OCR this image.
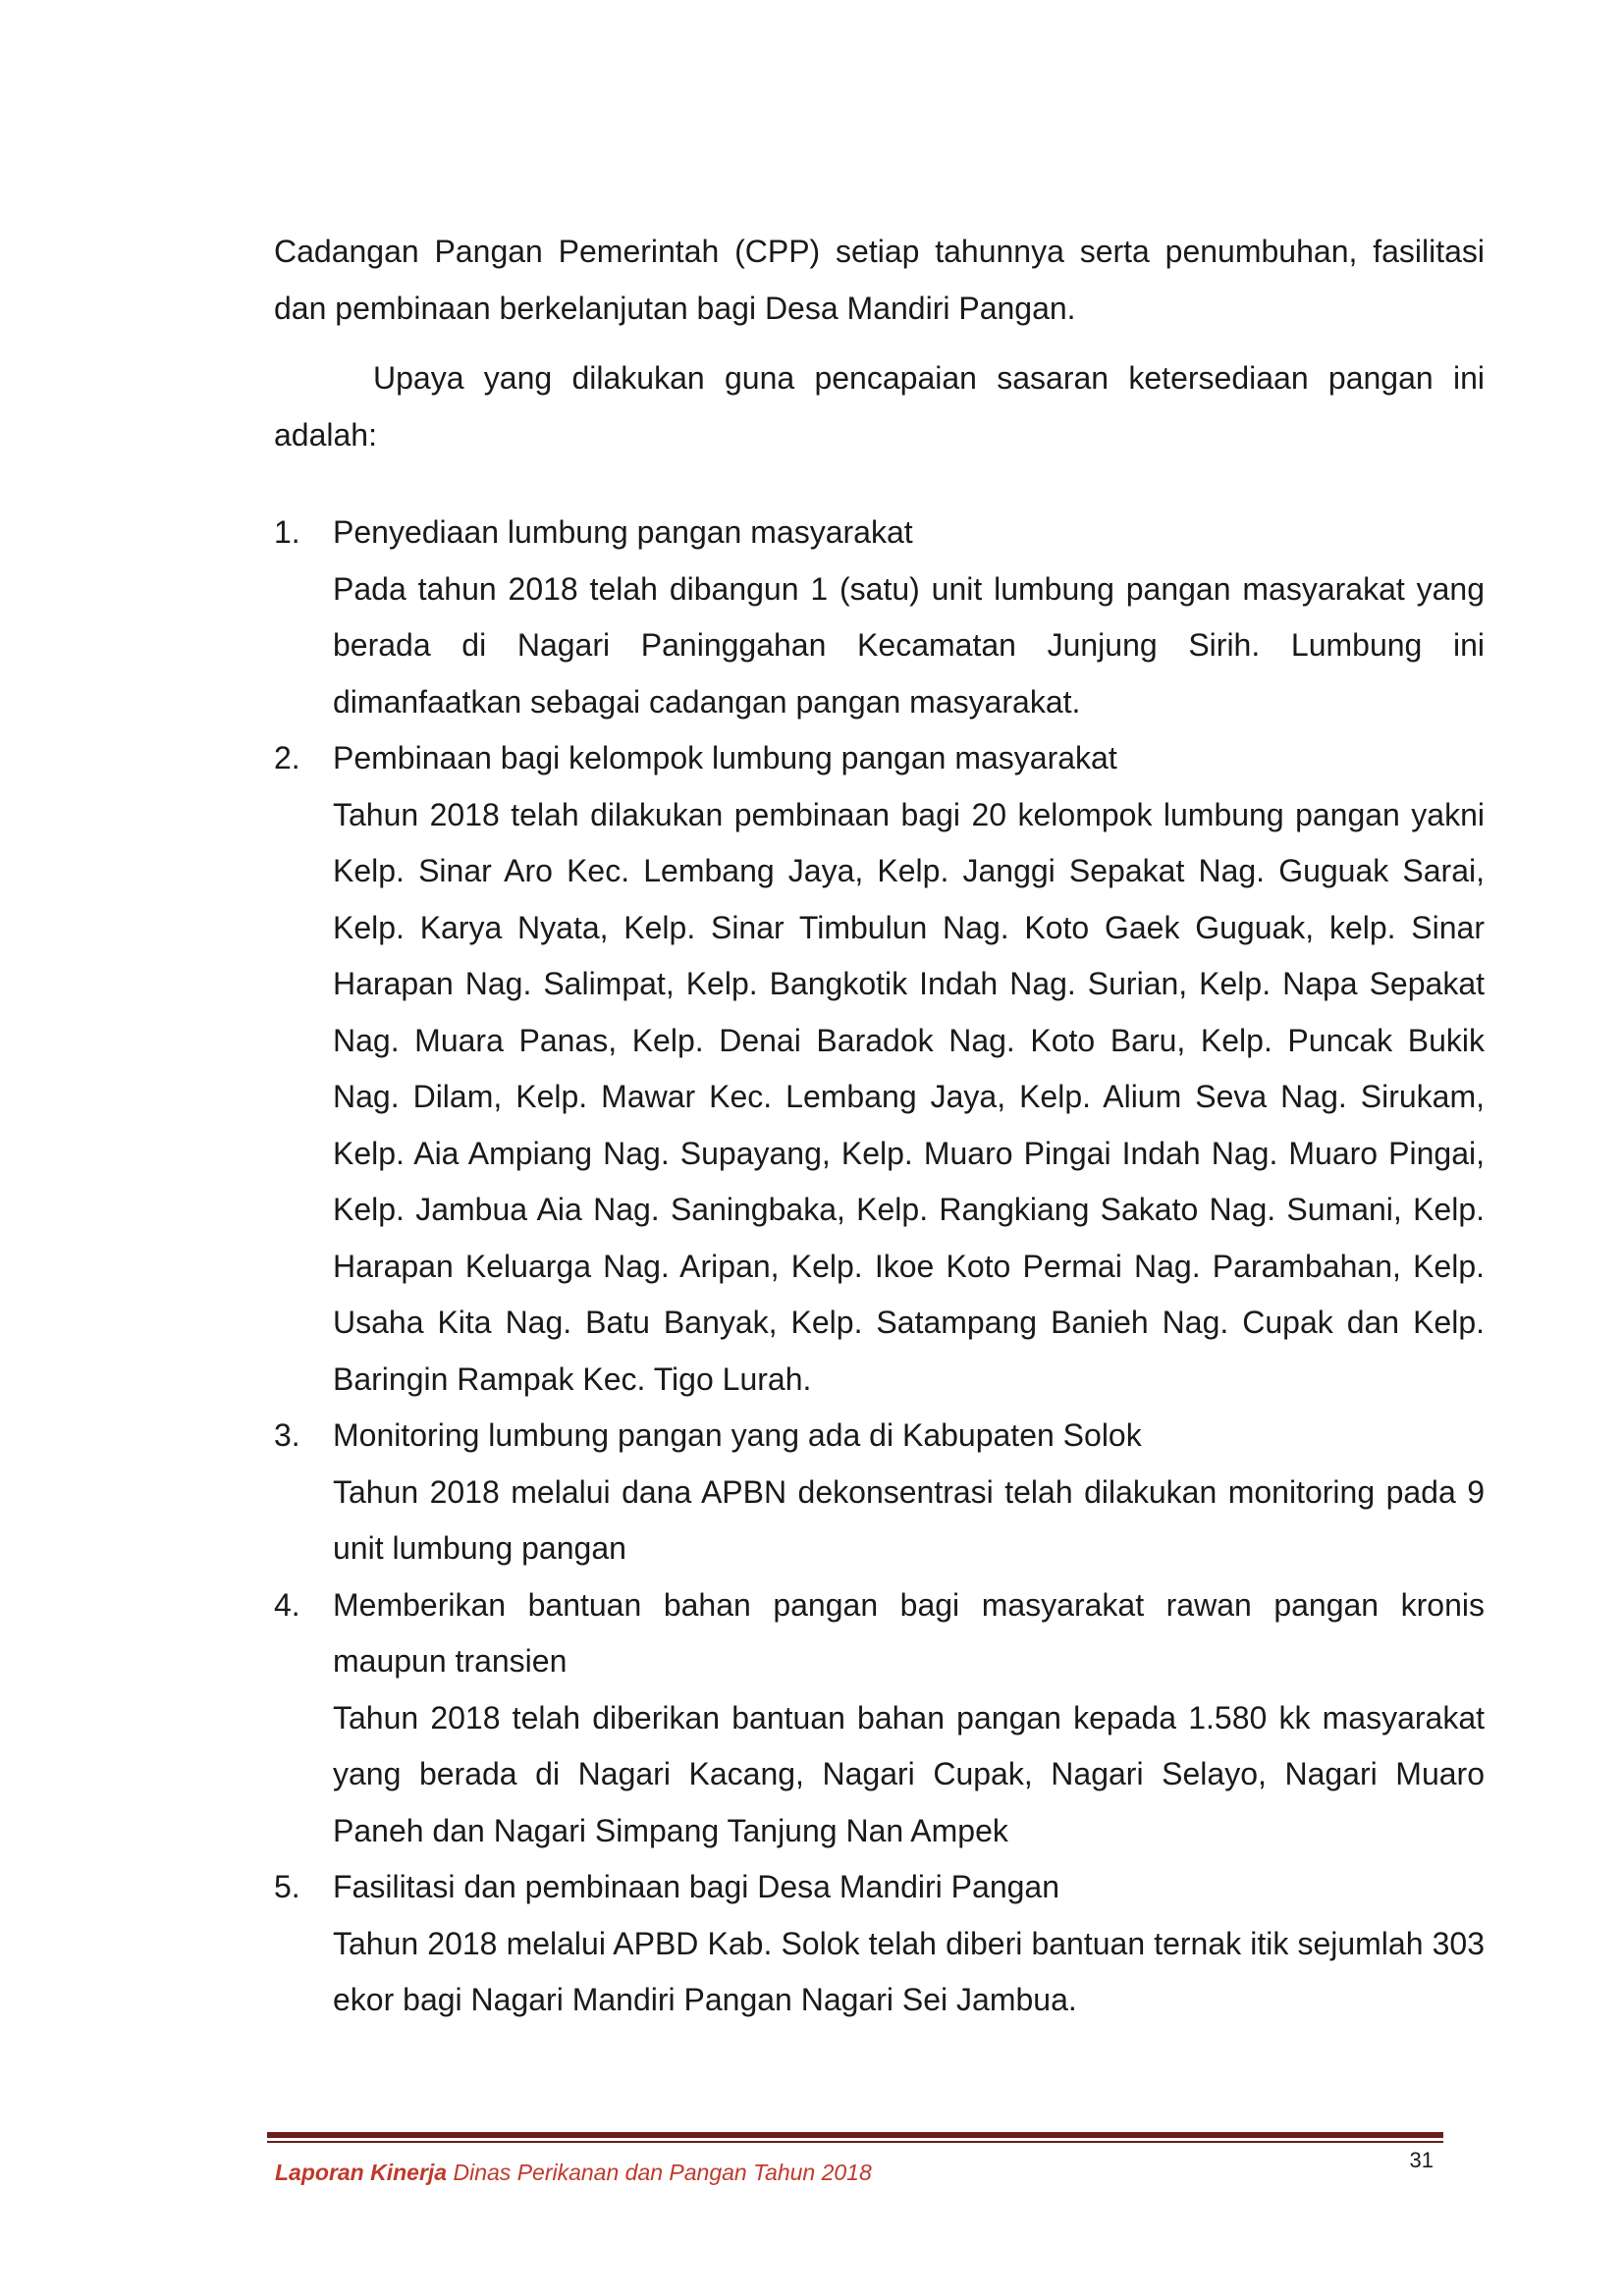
Cadangan Pangan Pemerintah (CPP) setiap tahunnya serta penumbuhan, fasilitasi dan pembinaan berkelanjutan bagi Desa Mandiri Pangan.

Upaya yang dilakukan guna pencapaian sasaran ketersediaan pangan ini adalah:

1. Penyediaan lumbung pangan masyarakat
Pada tahun 2018 telah dibangun 1 (satu) unit lumbung pangan masyarakat yang berada di Nagari Paninggahan Kecamatan Junjung Sirih. Lumbung ini dimanfaatkan sebagai cadangan pangan masyarakat.
2. Pembinaan bagi kelompok lumbung pangan masyarakat
Tahun 2018 telah dilakukan pembinaan bagi 20 kelompok lumbung pangan yakni Kelp. Sinar Aro Kec. Lembang Jaya, Kelp. Janggi Sepakat Nag. Guguak Sarai, Kelp. Karya Nyata, Kelp. Sinar Timbulun Nag. Koto Gaek Guguak, kelp. Sinar Harapan Nag. Salimpat, Kelp. Bangkotik Indah Nag. Surian, Kelp. Napa Sepakat Nag. Muara Panas, Kelp. Denai Baradok Nag. Koto Baru, Kelp. Puncak Bukik Nag. Dilam, Kelp. Mawar Kec. Lembang Jaya, Kelp. Alium Seva Nag. Sirukam, Kelp. Aia Ampiang Nag. Supayang, Kelp. Muaro Pingai Indah Nag. Muaro Pingai, Kelp. Jambua Aia Nag. Saningbaka, Kelp. Rangkiang Sakato Nag. Sumani, Kelp. Harapan Keluarga Nag. Aripan, Kelp. Ikoe Koto Permai Nag. Parambahan, Kelp. Usaha Kita Nag. Batu Banyak, Kelp. Satampang Banieh Nag. Cupak dan Kelp. Baringin Rampak Kec. Tigo Lurah.
3. Monitoring lumbung pangan yang ada di Kabupaten Solok
Tahun 2018 melalui dana APBN dekonsentrasi telah dilakukan monitoring pada 9 unit lumbung pangan
4. Memberikan bantuan bahan pangan bagi masyarakat rawan pangan kronis maupun transien
Tahun 2018 telah diberikan bantuan bahan pangan kepada 1.580 kk masyarakat yang berada di Nagari Kacang, Nagari Cupak, Nagari Selayo, Nagari Muaro Paneh dan Nagari Simpang Tanjung Nan Ampek
5. Fasilitasi dan pembinaan bagi Desa Mandiri Pangan
Tahun 2018 melalui APBD Kab. Solok telah diberi bantuan ternak itik sejumlah 303 ekor bagi Nagari Mandiri Pangan Nagari Sei Jambua.
Laporan Kinerja Dinas Perikanan dan Pangan Tahun 2018	31
